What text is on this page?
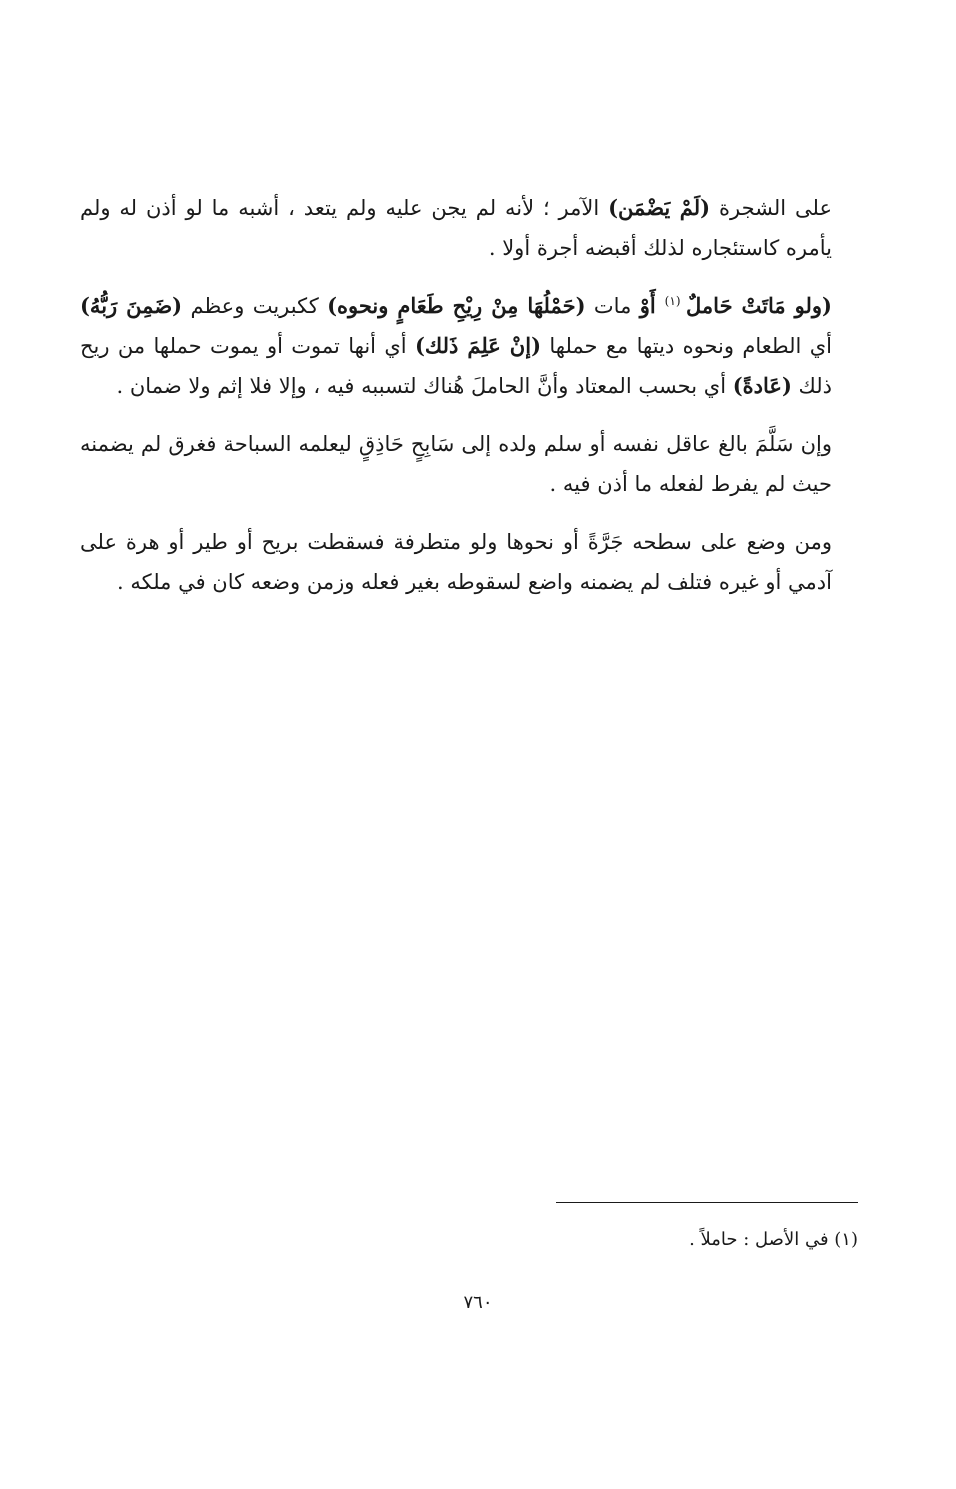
على الشجرة (لَمْ يَضْمَن) الآمر ؛ لأنه لم يجن عليه ولم يتعد ، أشبه ما لو أذن له ولم يأمره كاستئجاره لذلك أقبضه أجرة أولا .

(ولو مَاتَتْ حَاملٌ $^{(١)}$ أَوْ مات (حَمْلُهَا مِنْ رِيْحِ طَعَامٍ ونحوه) ككبريت وعظم (ضَمِنَ رَبُّهُ) أي الطعام ونحوه ديتها مع حملها (إنْ عَلِمَ ذَلك) أي أنها تموت أو يموت حملها من ريح ذلك (عَادةً) أي بحسب المعتاد وأنَّ الحاملَ هُناك لتسببه فيه ، وإلا فلا إثم ولا ضمان .

وإن سَلَّمَ بالغ عاقل نفسه أو سلم ولده إلى سَابِحٍ حَاذِقٍ ليعلمه السباحة فغرق لم يضمنه حيث لم يفرط لفعله ما أذن فيه .

ومن وضع على سطحه جَرَّةً أو نحوها ولو متطرفة فسقطت بريح أو طير أو هرة على آدمي أو غيره فتلف لم يضمنه واضع لسقوطه بغير فعله وزمن وضعه كان في ملكه .

(١) في الأصل : حاملاً .
٧٦٠
